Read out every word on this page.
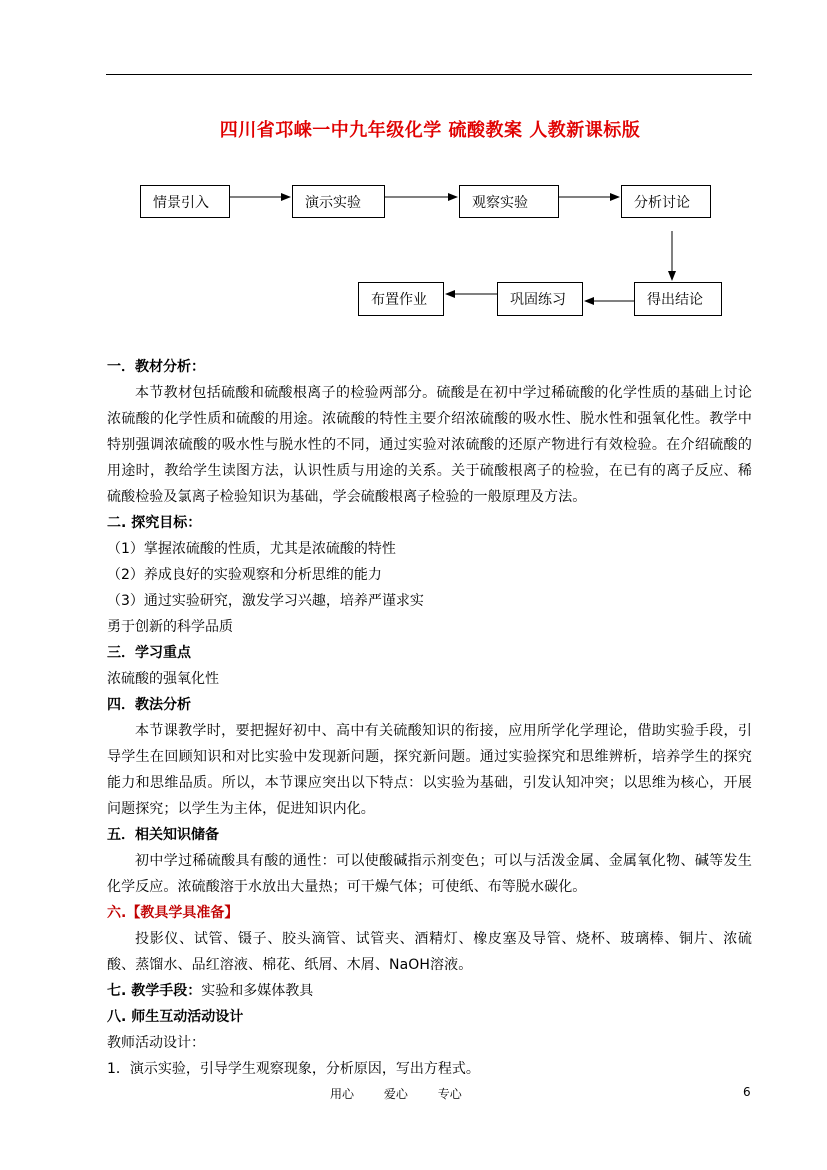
四川省邛崃一中九年级化学 硫酸教案 人教新课标版
情景引入	演示实验	观察实验	分析讨论
得出结论
巩固练习
布置作业

一．教材分析：

本节教材包括硫酸和硫酸根离子的检验两部分。硫酸是在初中学过稀硫酸的化学性质的基础上讨论浓硫酸的化学性质和硫酸的用途。浓硫酸的特性主要介绍浓硫酸的吸水性、脱水性和强氧化性。教学中特别强调浓硫酸的吸水性与脱水性的不同，通过实验对浓硫酸的还原产物进行有效检验。在介绍硫酸的用途时，教给学生读图方法，认识性质与用途的关系。关于硫酸根离子的检验，在已有的离子反应、稀硫酸检验及氯离子检验知识为基础，学会硫酸根离子检验的一般原理及方法。

二. 探究目标：

（1）掌握浓硫酸的性质，尤其是浓硫酸的特性

（2）养成良好的实验观察和分析思维的能力

（3）通过实验研究，激发学习兴趣，培养严谨求实

勇于创新的科学品质

三．学习重点

浓硫酸的强氧化性

四．教法分析

本节课教学时，要把握好初中、高中有关硫酸知识的衔接，应用所学化学理论，借助实验手段，引导学生在回顾知识和对比实验中发现新问题，探究新问题。通过实验探究和思维辨析，培养学生的探究能力和思维品质。所以，本节课应突出以下特点：以实验为基础，引发认知冲突；以思维为核心，开展问题探究；以学生为主体，促进知识内化。

五．相关知识储备

初中学过稀硫酸具有酸的通性：可以使酸碱指示剂变色；可以与活泼金属、金属氧化物、碱等发生化学反应。浓硫酸溶于水放出大量热；可干燥气体；可使纸、布等脱水碳化。

六.【教具学具准备】

投影仪、试管、镊子、胶头滴管、试管夹、酒精灯、橡皮塞及导管、烧杯、玻璃棒、铜片、浓硫酸、蒸馏水、品红溶液、棉花、纸屑、木屑、NaOH溶液。

七. 教学手段：实验和多媒体教具

八. 师生互动活动设计

教师活动设计：

1．演示实验，引导学生观察现象，分析原因，写出方程式。

用心 爱心 专心	6
